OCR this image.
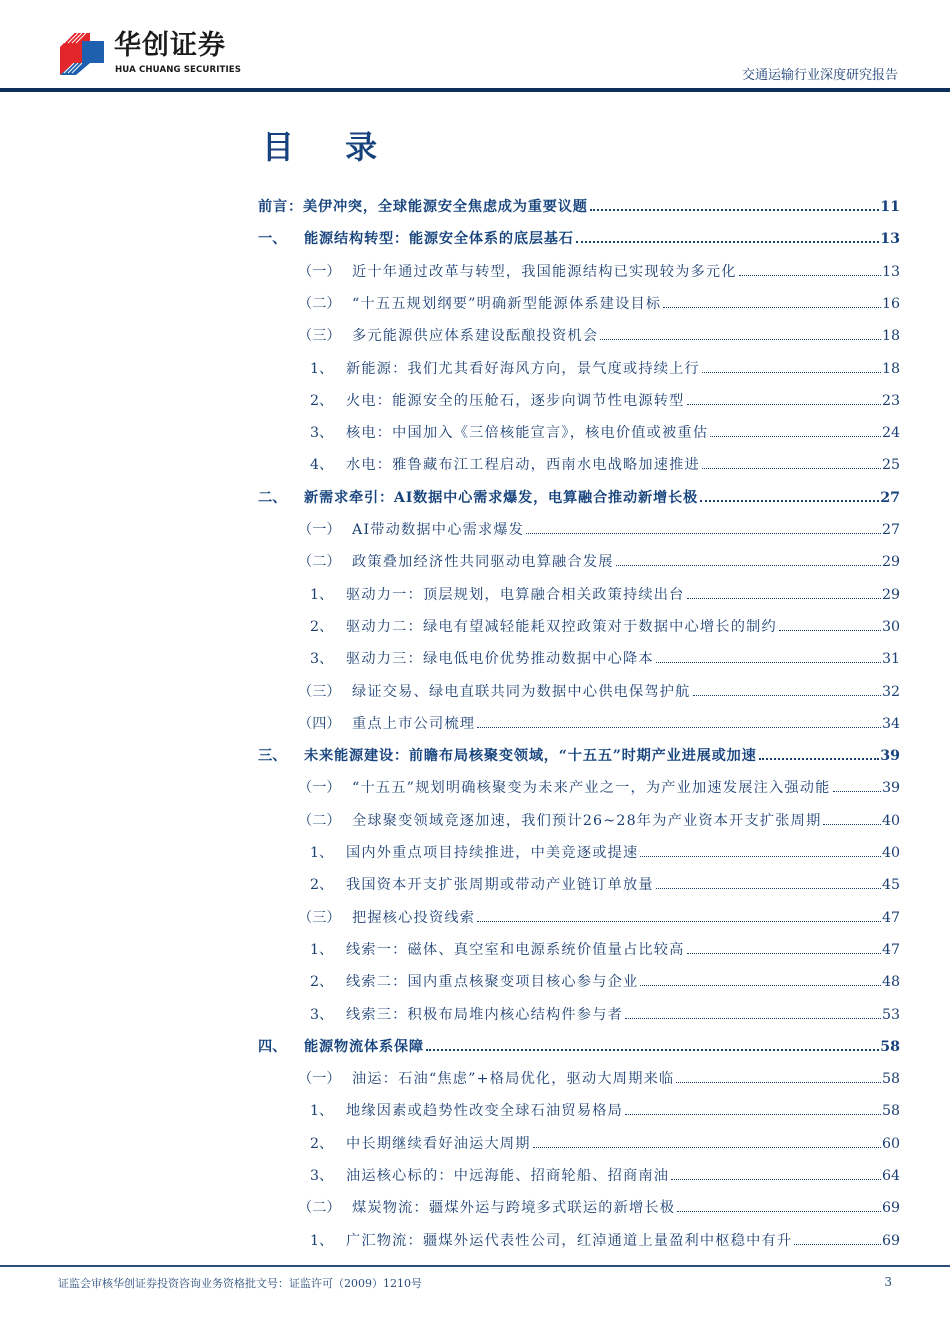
华创证券
HUA CHUANG SECURITIES	交通运输行业深度研究报告
目 录
前言：美伊冲突，全球能源安全焦虑成为重要议题	11
一、	能源结构转型：能源安全体系的底层基石	13
（一） 近十年通过改革与转型，我国能源结构已实现较为多元化	13
（二） “十五五规划纲要”明确新型能源体系建设目标	16
（三） 多元能源供应体系建设酝酿投资机会	18
1、 新能源：我们尤其看好海风方向，景气度或持续上行	18
2、 火电：能源安全的压舱石，逐步向调节性电源转型	23
3、 核电：中国加入《三倍核能宣言》，核电价值或被重估	24
4、 水电：雅鲁藏布江工程启动，西南水电战略加速推进	25
二、	新需求牵引：AI数据中心需求爆发，电算融合推动新增长极	27
（一） AI带动数据中心需求爆发	27
（二） 政策叠加经济性共同驱动电算融合发展	29
1、 驱动力一：顶层规划，电算融合相关政策持续出台	29
2、 驱动力二：绿电有望减轻能耗双控政策对于数据中心增长的制约	30
3、 驱动力三：绿电低电价优势推动数据中心降本	31
（三） 绿证交易、绿电直联共同为数据中心供电保驾护航	32
（四） 重点上市公司梳理	34
三、	未来能源建设：前瞻布局核聚变领域，“十五五”时期产业进展或加速	39
（一） “十五五”规划明确核聚变为未来产业之一，为产业加速发展注入强动能	39
（二） 全球聚变领域竞逐加速，我们预计26~28年为产业资本开支扩张周期	40
1、 国内外重点项目持续推进，中美竞逐或提速	40
2、 我国资本开支扩张周期或带动产业链订单放量	45
（三） 把握核心投资线索	47
1、 线索一：磁体、真空室和电源系统价值量占比较高	47
2、 线索二：国内重点核聚变项目核心参与企业	48
3、 线索三：积极布局堆内核心结构件参与者	53
四、	能源物流体系保障	58
（一） 油运：石油“焦虑”+格局优化，驱动大周期来临	58
1、 地缘因素或趋势性改变全球石油贸易格局	58
2、 中长期继续看好油运大周期	60
3、 油运核心标的：中远海能、招商轮船、招商南油	64
（二） 煤炭物流：疆煤外运与跨境多式联运的新增长极	69
1、 广汇物流：疆煤外运代表性公司，红淖通道上量盈利中枢稳中有升	69
证监会审核华创证券投资咨询业务资格批文号：证监许可（2009）1210号	3
